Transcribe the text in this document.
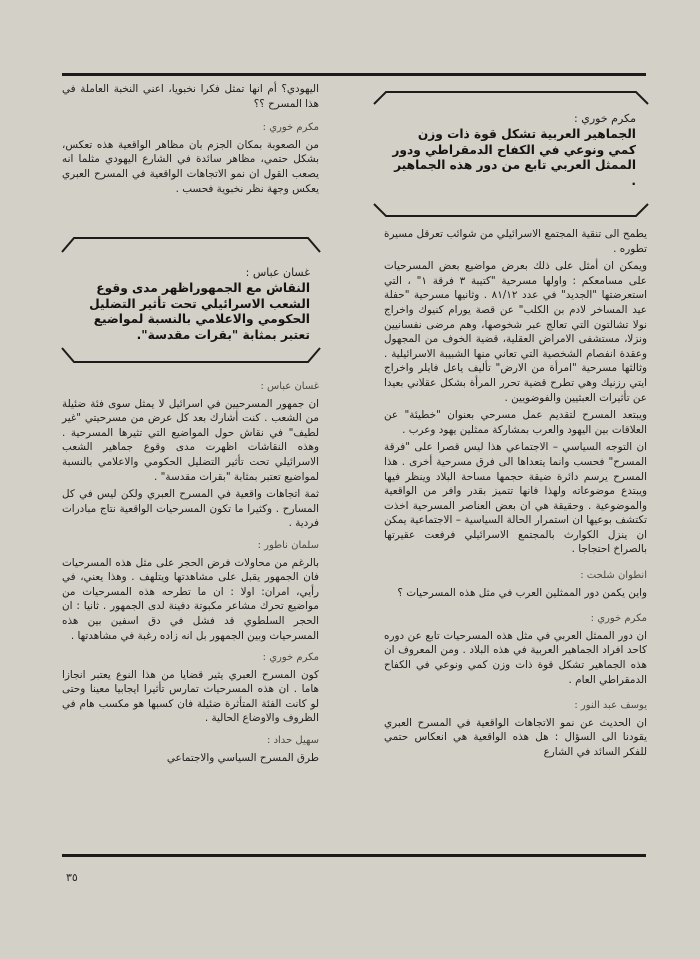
مكرم خوري :
الجماهير العربية تشكل قوة ذات وزن كمي ونوعي في الكفاح الدمقراطي ودور الممثل العربي تابع من دور هذه الجماهير .

يطمح الى تنقية المجتمع الاسرائيلي من شوائب تعرقل مسيرة تطوره .

ويمكن ان أمثل على ذلك بعرض مواضيع بعض المسرحيات على مسامعكم : واولها مسرحية "كتيبة ٣ فرقة ١" ، التي استعرضتها "الجديد" في عدد ٨١/١٢ . وثانيها مسرحية "حفلة عيد المساخر لادم بن الكلب" عن قصة يورام كنيوك واخراج نولا تشالتون التي تعالج عبر شخوصها، وهم مرضى نفسانيين ونزلا، مستشفى الامراض العقلية، قضية الخوف من المجهول وعقدة انفصام الشخصية التي تعاني منها الشبيبة الاسرائيلية . وثالثها مسرحية "امرأة من الارض" تأليف ياعل فايلر واخراج ايتي رزنيك وهي تطرح قضية تحرر المرأة بشكل عقلاني بعيدا عن تأثيرات العبثيين والفوضويين .

ويبتعد المسرح لتقديم عمل مسرحي بعنوان "خطيئة" عن العلاقات بين اليهود والعرب بمشاركة ممثلين يهود وعرب .

ان التوجه السياسي – الاجتماعي هذا ليس قصرا على "فرقة المسرح" فحسب وانما يتعداها الى فرق مسرحية أخرى . هذا المسرح يرسم دائرة ضيقة حجمها مساحة البلاد وينظر فيها ويبتدع موضوعاته ولهذا فانها تتميز بقدر وافر من الواقعية والموضوعية . وحقيقة هي ان بعض العناصر المسرحية اخذت تكتشف بوعيها ان استمرار الحالة السياسية – الاجتماعية يمكن ان ينزل الكوارث بالمجتمع الاسرائيلي فرفعت عقيرتها بالصراخ احتجاجا .

انطوان شلحت :

واين يكمن دور الممثلين العرب في مثل هذه المسرحيات ؟

مكرم خوري :

ان دور الممثل العربي في مثل هذه المسرحيات تابع عن دوره كاحد افراد الجماهير العربية في هذه البلاد . ومن المعروف ان هذه الجماهير تشكل قوة ذات وزن كمي ونوعي في الكفاح الدمقراطي العام .

يوسف عبد النور :

ان الحديث عن نمو الاتجاهات الواقعية في المسرح العبري يقودنا الى السؤال : هل هذه الواقعية هي انعكاس حتمي للفكر السائد في الشارع

اليهودي؟ أم انها تمثل فكرا نخبويا، اعني النخبة العاملة في هذا المسرح ؟؟

مكرم خوري :

من الصعوبة بمكان الجزم بان مظاهر الواقعية هذه تعكس، بشكل حتمي، مظاهر سائدة في الشارع اليهودي مثلما انه يصعب القول ان نمو الاتجاهات الواقعية في المسرح العبري يعكس وجهة نظر نخبوية فحسب .

غسان عباس :
النقاش مع الجمهوراظهر مدى وقوع الشعب الاسرائيلي تحت تأثير التضليل الحكومي والاعلامي بالنسبة لمواضيع تعتبر بمثابة "بقرات مقدسة".
غسان عباس :

ان جمهور المسرحيين في اسرائيل لا يمثل سوى فئة ضئيلة من الشعب . كنت أشارك بعد كل عرض من مسرحيتي "غير لطيف" في نقاش حول المواضيع التي تثيرها المسرحية . وهذه النقاشات اظهرت مدى وقوع جماهير الشعب الاسرائيلي تحت تأثير التضليل الحكومي والاعلامي بالنسبة لمواضيع تعتبر بمثابة "بقرات مقدسة" .

ثمة اتجاهات واقعية في المسرح العبري ولكن ليس في كل المسارح . وكثيرا ما تكون المسرحيات الواقعية نتاج مبادرات فردية .

سلمان ناطور :

بالرغم من محاولات فرض الحجر على مثل هذه المسرحيات فان الجمهور يقبل على مشاهدتها ويتلهف . وهذا يعني، في رأيي، امران: اولا : ان ما تطرحه هذه المسرحيات من مواضيع تحرك مشاعر مكبوتة دفينة لدى الجمهور . ثانيا : ان الحجر السلطوي قد فشل في دق اسفين بين هذه المسرحيات وبين الجمهور بل انه زاده رغبة في مشاهدتها .

مكرم خوري :

كون المسرح العبري يثير قضايا من هذا النوع يعتبر انجازا هاما . ان هذه المسرحيات تمارس تأثيرا ايجابيا معينا وحتى لو كانت الفئة المتأثرة ضئيلة فان كسبها هو مكسب هام في الظروف والاوضاع الحالية .

سهيل حداد :

طرق المسرح السياسي والاجتماعي

٣٥
